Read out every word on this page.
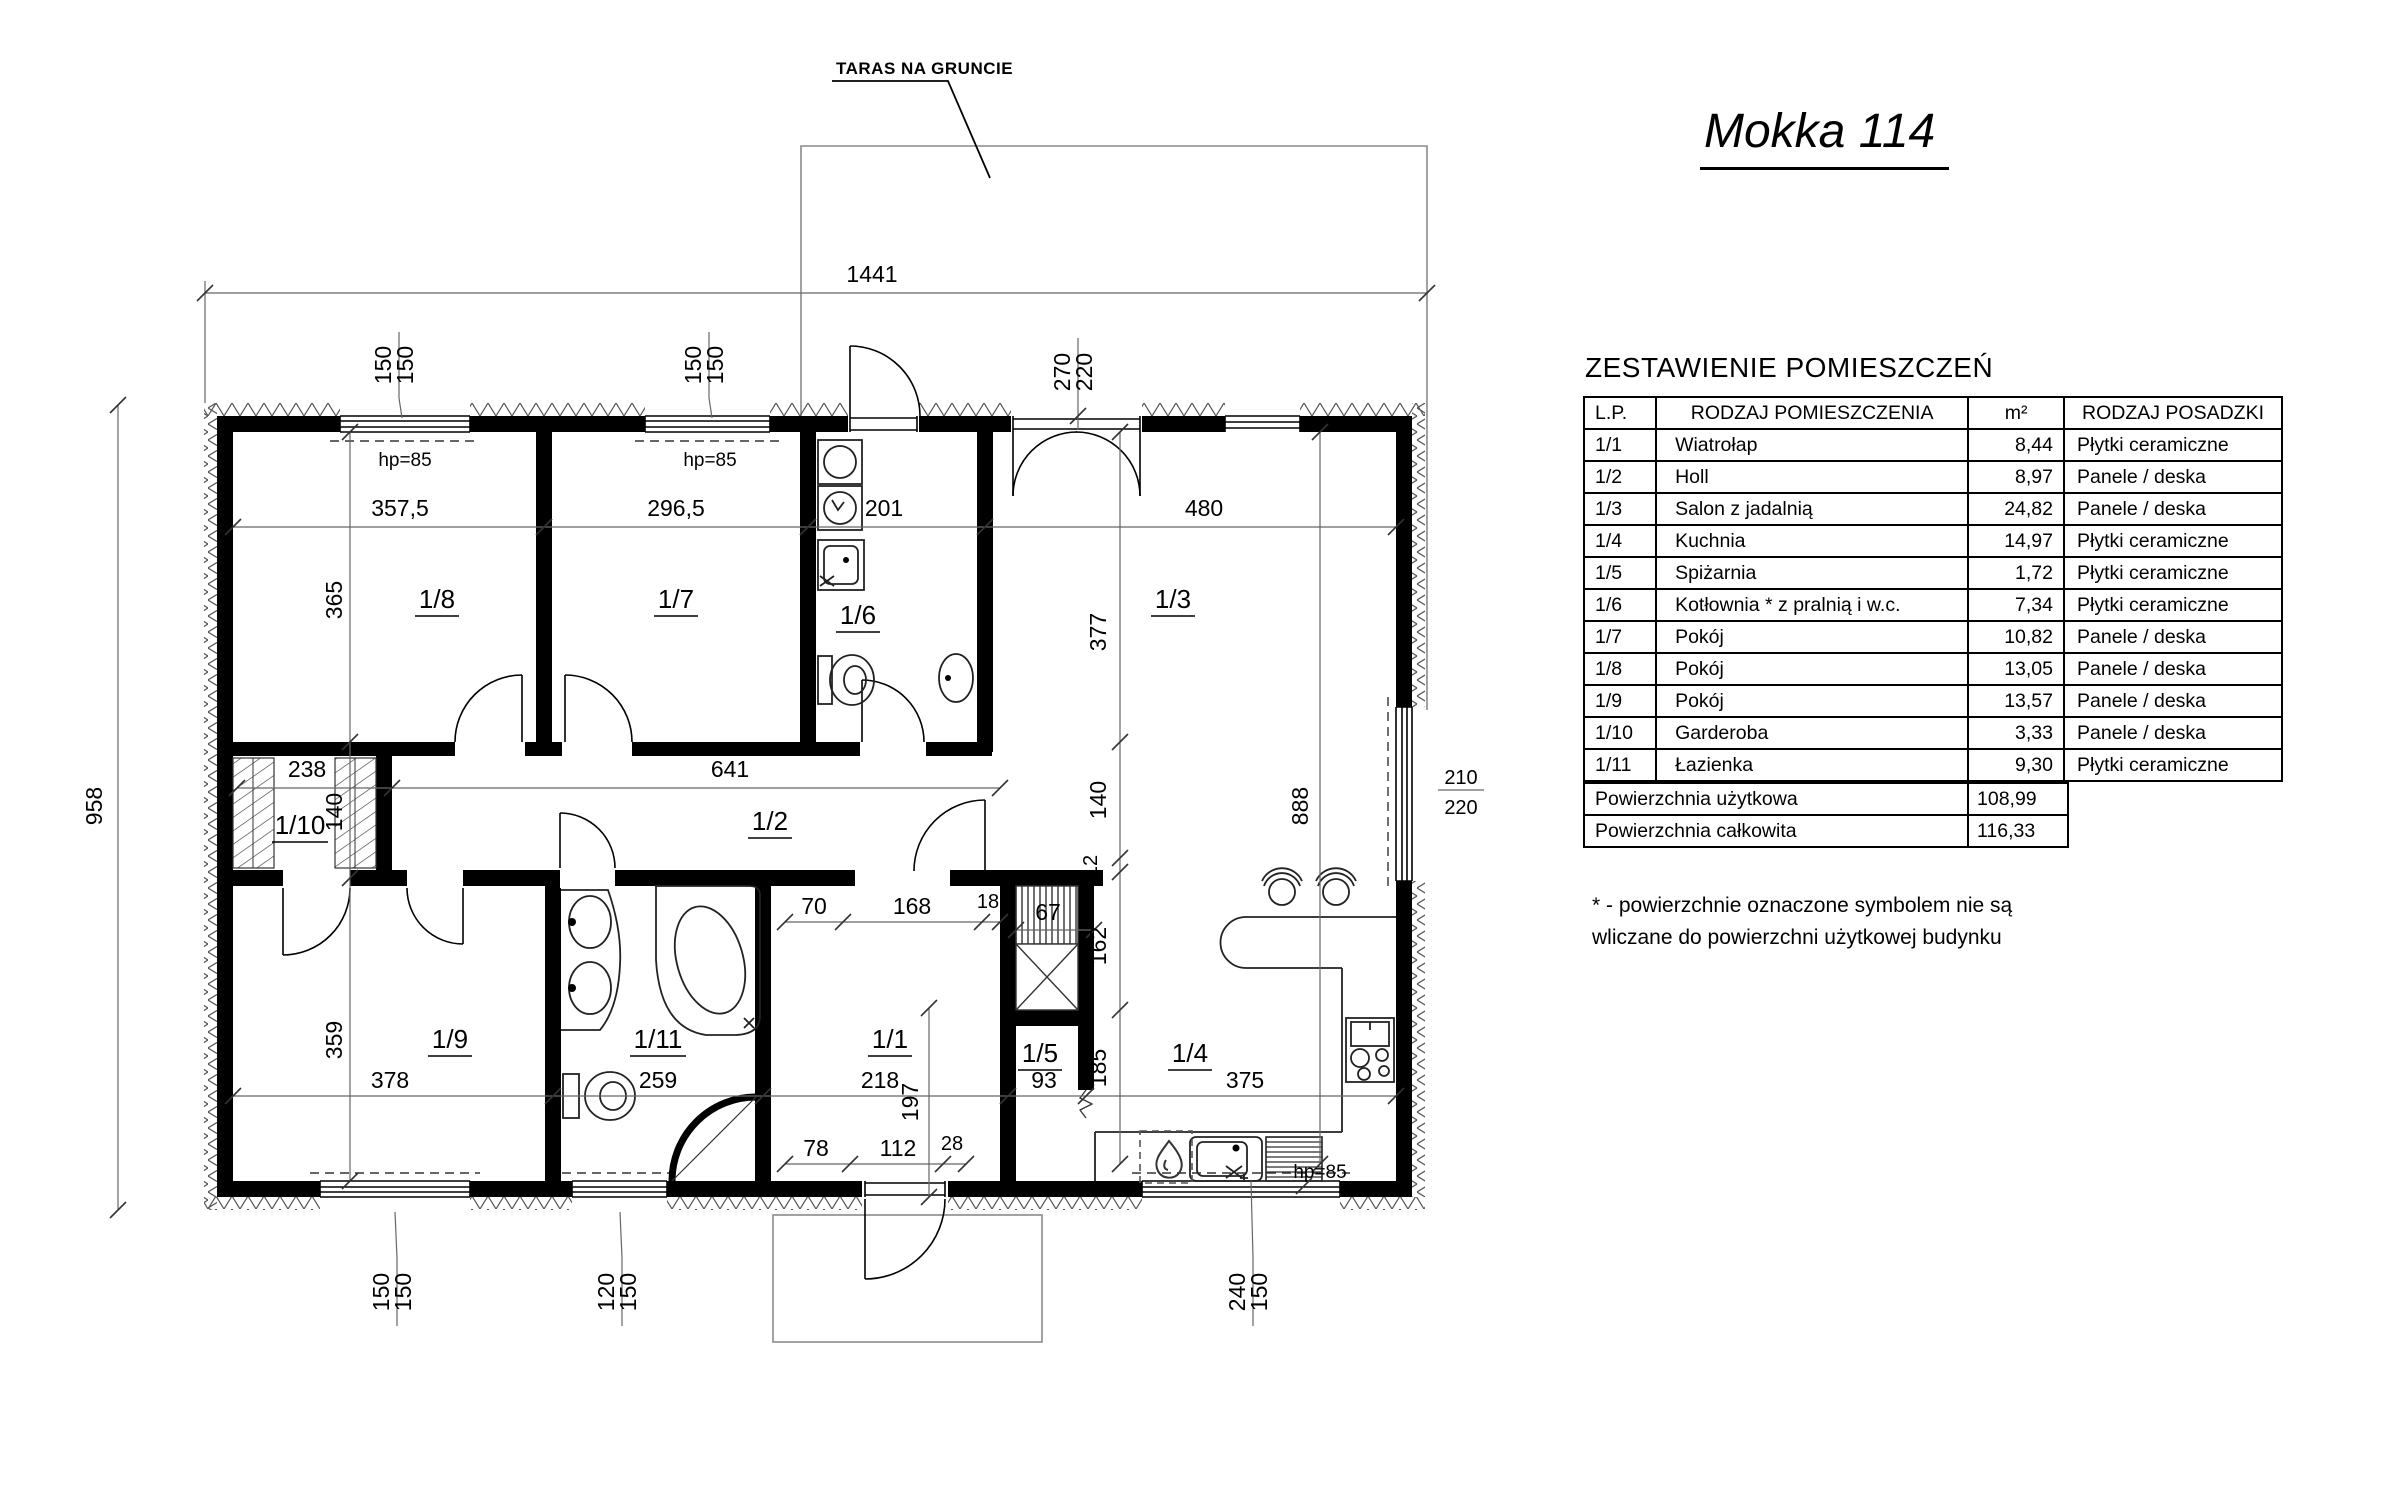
Mokka 114
TARAS NA GRUNCIE
1441
958
357,5	296,5	201	480
365
140
359
377
140
12
162
185
888
238	641
70	168 18 67
378	259	218	93	375
197
78 112 28
150
150	150
150	270
220
150
150	120
150	240
150
210
220
hp=85	hp=85
hp=85
1/8	1/7
1/6
1/3
1/10	1/2
1/9	1/11	1/1	1/5	1/4
ZESTAWIENIE POMIESZCZEŃ
L.P.	RODZAJ POMIESZCZENIA	m²	RODZAJ POSADZKI
1/1	Wiatrołap	8,44	Płytki ceramiczne
1/2	Holl	8,97	Panele / deska
1/3	Salon z jadalnią	24,82	Panele / deska
1/4	Kuchnia	14,97	Płytki ceramiczne
1/5	Spiżarnia	1,72	Płytki ceramiczne
1/6	Kotłownia * z pralnią i w.c.	7,34	Płytki ceramiczne
1/7	Pokój	10,82	Panele / deska
1/8	Pokój	13,05	Panele / deska
1/9	Pokój	13,57	Panele / deska
1/10	Garderoba	3,33	Panele / deska
1/11	Łazienka	9,30	Płytki ceramiczne
Powierzchnia użytkowa	108,99
Powierzchnia całkowita	116,33
* - powierzchnie oznaczone symbolem nie są
wliczane do powierzchni użytkowej budynku
